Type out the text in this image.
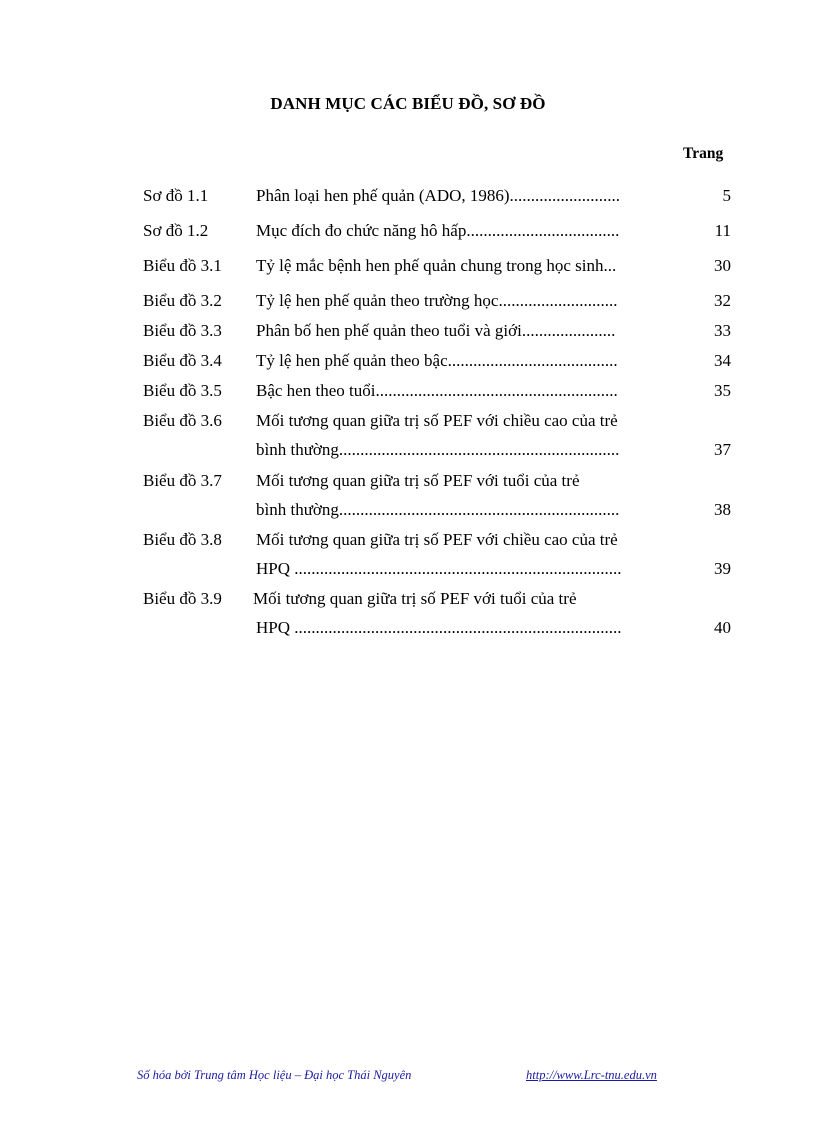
DANH MỤC CÁC BIỂU ĐỒ, SƠ ĐỒ
Trang
Sơ đồ 1.1	Phân loại hen phế quản (ADO, 1986)..........................	5
Sơ đồ 1.2	Mục đích đo chức năng hô hấp....................................	11
Biểu đồ 3.1 Tỷ lệ mắc bệnh hen phế quản chung trong học sinh...	30
Biểu đồ 3.2 Tỷ lệ hen phế quản theo trường học............................	32
Biểu đồ 3.3 Phân bố hen phế quản theo tuổi và giới......................	33
Biểu đồ 3.4 Tỷ lệ hen phế quản theo bậc........................................	34
Biểu đồ 3.5 Bậc hen theo tuổi.........................................................	35
Biểu đồ 3.6 Mối tương quan giữa trị số PEF với chiều cao của trẻ
bình thường..................................................................	37
Biểu đồ 3.7 Mối tương quan giữa trị số PEF với tuổi của trẻ
bình thường..................................................................	38
Biểu đồ 3.8 Mối tương quan giữa trị số PEF với chiều cao của trẻ
HPQ .............................................................................	39
Biểu đồ 3.9 Mối tương quan giữa trị số PEF với tuổi của trẻ
HPQ .............................................................................	40
Số hóa bởi Trung tâm Học liệu – Đại học Thái Nguyên	http://www.Lrc-tnu.edu.vn
